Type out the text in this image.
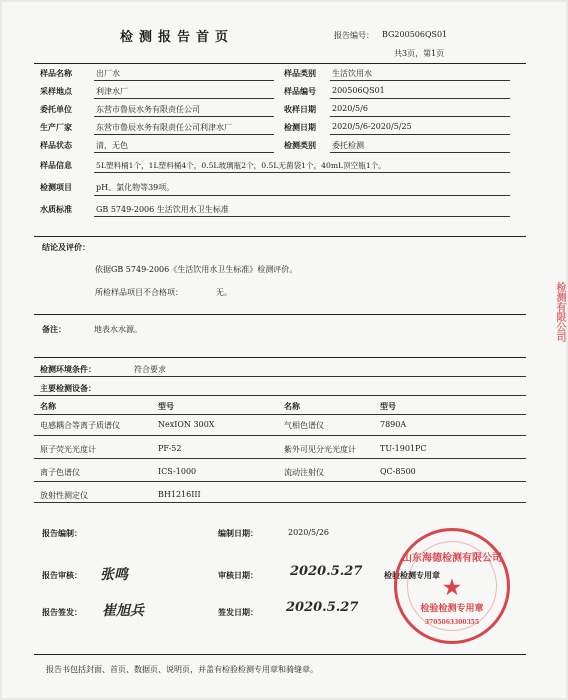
检测报告首页	报告编号： BG200506QS01
共3页，第1页
样品名称	出厂水	样品类别 生活饮用水
采样地点	利津水厂	样品编号 200506QS01
委托单位	东营市鲁辰水务有限责任公司	收样日期 2020/5/6
生产厂家	东营市鲁辰水务有限责任公司利津水厂	检测日期 2020/5/6-2020/5/25
样品状态	清，无色	检测类别 委托检测
样品信息	5L塑料桶1个，1L塑料桶4个，0.5L玻璃瓶2个，0.5L无菌袋1个，40mL顶空瓶1个。
检测项目	pH、氯化物等39项。
水质标准	GB 5749-2006 生活饮用水卫生标准
结论及评价：
依据GB 5749-2006《生活饮用水卫生标准》检测评价。
所检样品项目不合格项：	无。
备注：	地表水水源。
检测环境条件：	符合要求
主要检测设备：
名称	型号	名称	型号
电感耦合等离子质谱仪	NexION 300X	气相色谱仪	7890A
原子荧光光度计	PF-52	紫外可见分光光度计	TU-1901PC
离子色谱仪	ICS-1000	流动注射仪	QC-8500
放射性测定仪	BH1216III
报告编制：	编制日期：	2020/5/26
报告审核： 张鸣	审核日期： 2020.5.27	检验检测专用章
报告签发： 崔旭兵	签发日期： 2020.5.27
山东海德检测有限公司
★
检验检测专用章
3705063300355
检测有限公司
报告书包括封面、首页、数据页、说明页，并盖有检验检测专用章和骑缝章。
